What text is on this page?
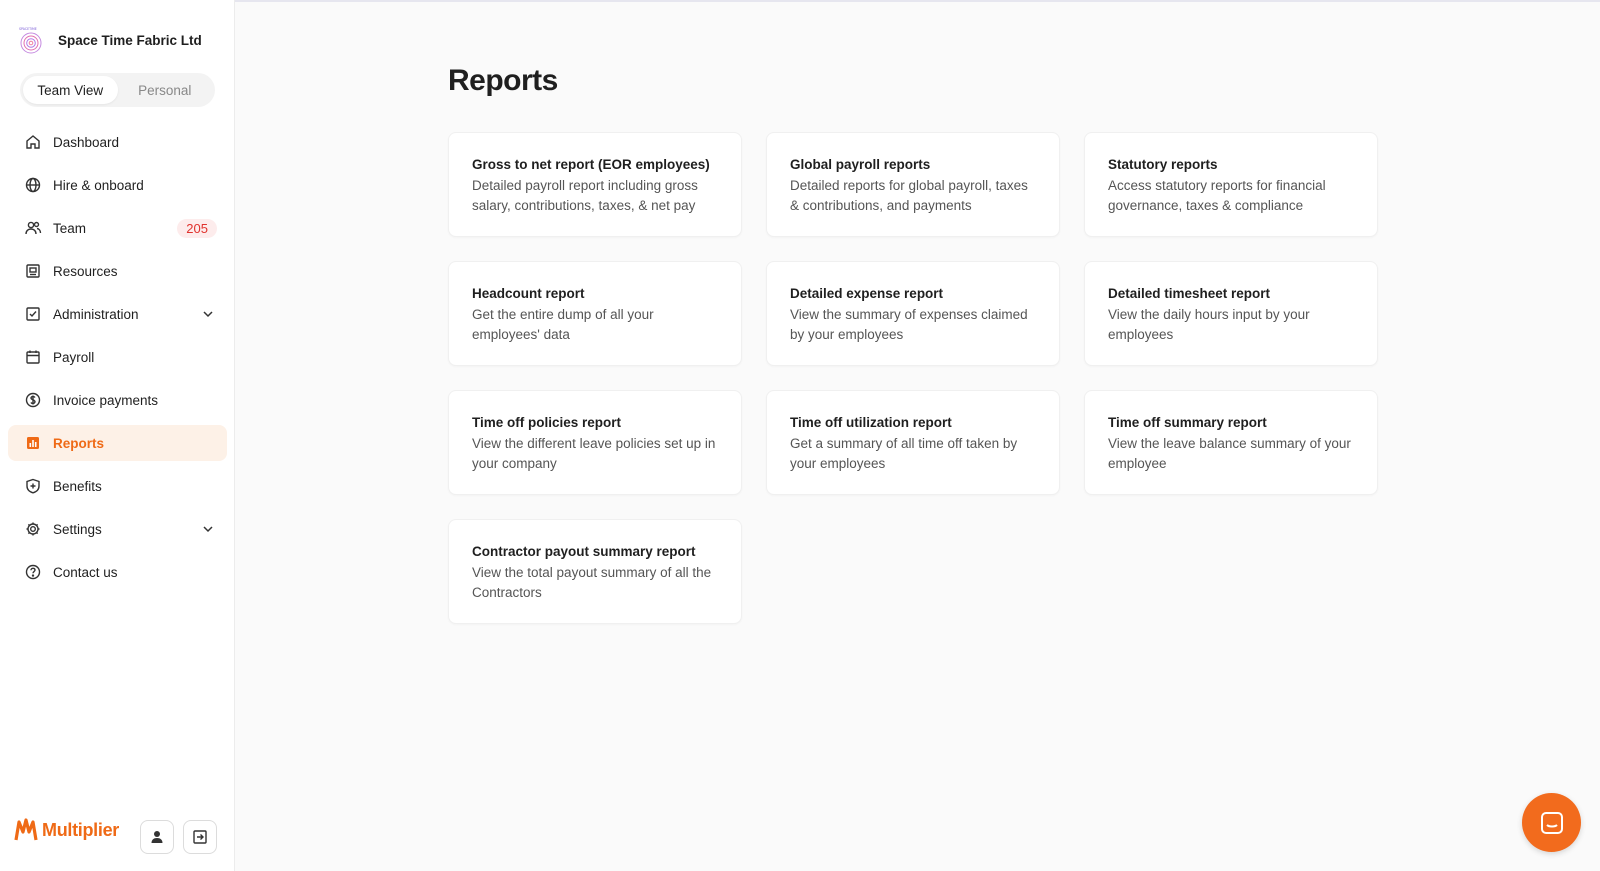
SPACETIME
Space Time Fabric Ltd
Team View	Personal
Dashboard
Hire & onboard
Team	205
Resources
Administration
Payroll
Invoice payments
Reports
Benefits
Settings
Contact us
Multiplier
Reports
Gross to net report (EOR employees)
Detailed payroll report including gross salary, contributions, taxes, & net pay
Global payroll reports
Detailed reports for global payroll, taxes & contributions, and payments
Statutory reports
Access statutory reports for financial governance, taxes & compliance
Headcount report
Get the entire dump of all your employees' data
Detailed expense report
View the summary of expenses claimed by your employees
Detailed timesheet report
View the daily hours input by your employees
Time off policies report
View the different leave policies set up in your company
Time off utilization report
Get a summary of all time off taken by your employees
Time off summary report
View the leave balance summary of your employee
Contractor payout summary report
View the total payout summary of all the Contractors
